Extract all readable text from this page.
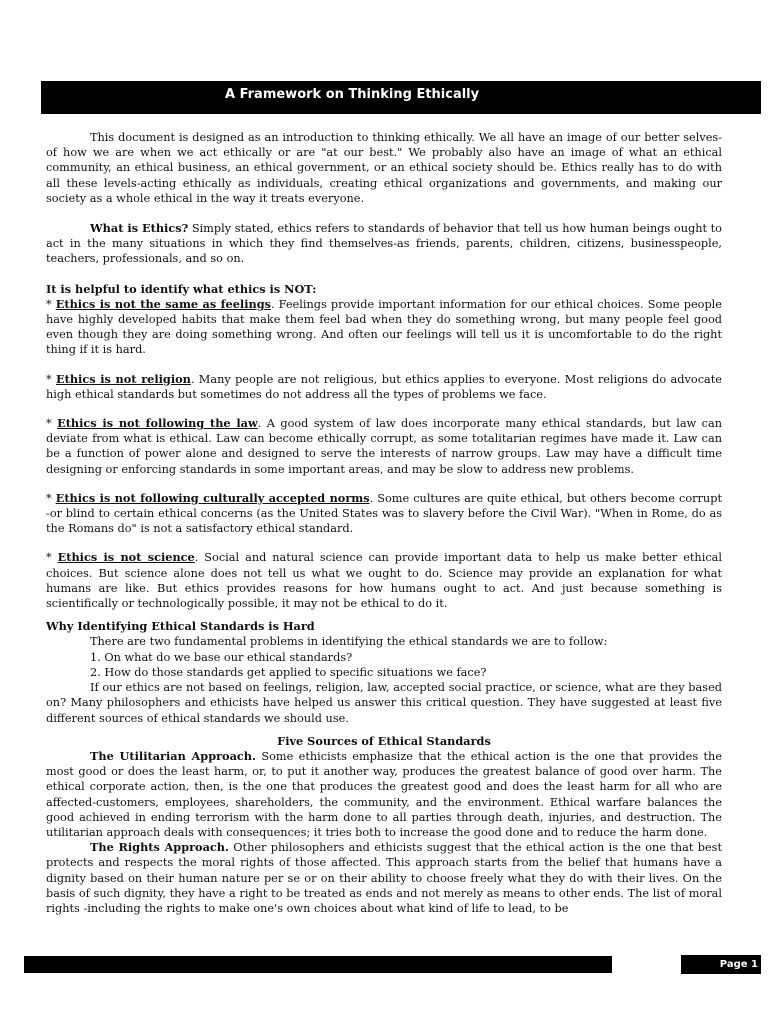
A Framework on Thinking Ethically

This document is designed as an introduction to thinking ethically. We all have an image of our better selves-of how we are when we act ethically or are "at our best." We probably also have an image of what an ethical community, an ethical business, an ethical government, or an ethical society should be. Ethics really has to do with all these levels-acting ethically as individuals, creating ethical organizations and governments, and making our society as a whole ethical in the way it treats everyone.

What is Ethics? Simply stated, ethics refers to standards of behavior that tell us how human beings ought to act in the many situations in which they find themselves-as friends, parents, children, citizens, businesspeople, teachers, professionals, and so on.

It is helpful to identify what ethics is NOT:

* Ethics is not the same as feelings. Feelings provide important information for our ethical choices. Some people have highly developed habits that make them feel bad when they do something wrong, but many people feel good even though they are doing something wrong. And often our feelings will tell us it is uncomfortable to do the right thing if it is hard.

* Ethics is not religion. Many people are not religious, but ethics applies to everyone. Most religions do advocate high ethical standards but sometimes do not address all the types of problems we face.

* Ethics is not following the law. A good system of law does incorporate many ethical standards, but law can deviate from what is ethical. Law can become ethically corrupt, as some totalitarian regimes have made it. Law can be a function of power alone and designed to serve the interests of narrow groups. Law may have a difficult time designing or enforcing standards in some important areas, and may be slow to address new problems.

* Ethics is not following culturally accepted norms. Some cultures are quite ethical, but others become corrupt -or blind to certain ethical concerns (as the United States was to slavery before the Civil War). "When in Rome, do as the Romans do" is not a satisfactory ethical standard.

* Ethics is not science. Social and natural science can provide important data to help us make better ethical choices. But science alone does not tell us what we ought to do. Science may provide an explanation for what humans are like. But ethics provides reasons for how humans ought to act. And just because something is scientifically or technologically possible, it may not be ethical to do it.

Why Identifying Ethical Standards is Hard

There are two fundamental problems in identifying the ethical standards we are to follow:

1. On what do we base our ethical standards?

2. How do those standards get applied to specific situations we face?

If our ethics are not based on feelings, religion, law, accepted social practice, or science, what are they based on? Many philosophers and ethicists have helped us answer this critical question. They have suggested at least five different sources of ethical standards we should use.

Five Sources of Ethical Standards

The Utilitarian Approach. Some ethicists emphasize that the ethical action is the one that provides the most good or does the least harm, or, to put it another way, produces the greatest balance of good over harm. The ethical corporate action, then, is the one that produces the greatest good and does the least harm for all who are affected-customers, employees, shareholders, the community, and the environment. Ethical warfare balances the good achieved in ending terrorism with the harm done to all parties through death, injuries, and destruction. The utilitarian approach deals with consequences; it tries both to increase the good done and to reduce the harm done.

The Rights Approach. Other philosophers and ethicists suggest that the ethical action is the one that best protects and respects the moral rights of those affected. This approach starts from the belief that humans have a dignity based on their human nature per se or on their ability to choose freely what they do with their lives. On the basis of such dignity, they have a right to be treated as ends and not merely as means to other ends. The list of moral rights -including the rights to make one's own choices about what kind of life to lead, to be

Page 1
